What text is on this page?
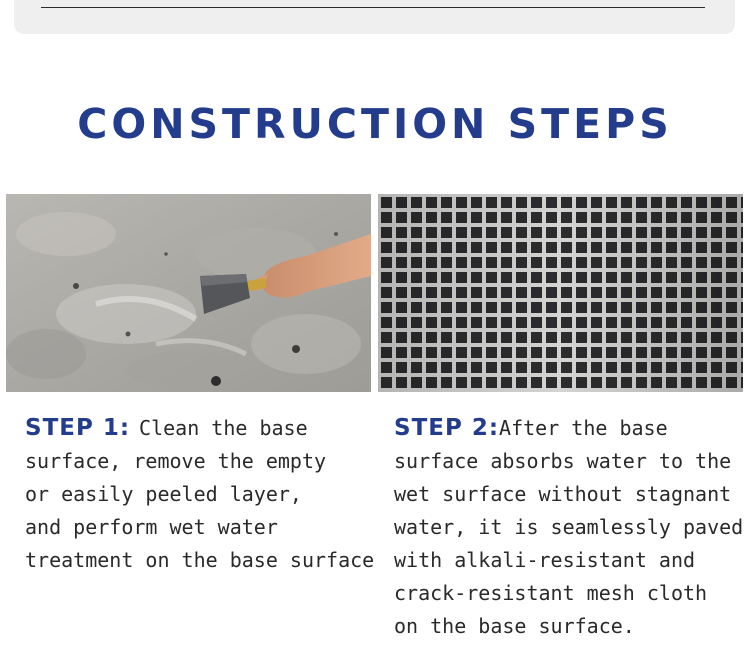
CONSTRUCTION STEPS
STEP 1: Clean the base
surface, remove the empty
or easily peeled layer,
and perform wet water
treatment on the base surface
STEP 2:After the base
surface absorbs water to the
wet surface without stagnant
water, it is seamlessly paved
with alkali-resistant and
crack-resistant mesh cloth
on the base surface.
